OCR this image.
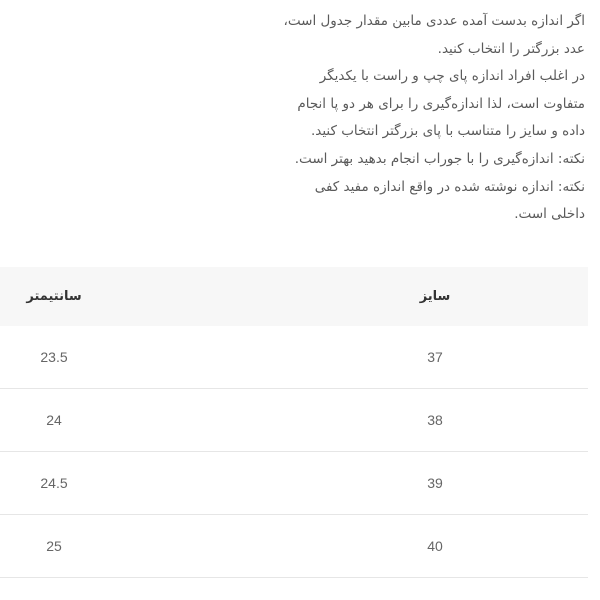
اگر اندازه بدست آمده عددی مابین مقدار جدول است،

عدد بزرگتر را انتخاب کنید.

در اغلب افراد اندازه پای چپ و راست با یکدیگر

متفاوت است، لذا اندازه‌گیری را برای هر دو پا انجام

داده و سایز را متناسب با پای بزرگتر انتخاب کنید.

نکته: اندازه‌گیری را با جوراب انجام بدهید بهتر است.

نکته: اندازه نوشته شده در واقع اندازه مفید کفی

داخلی است.

سایز
سانتیمتر
37
23.5
38
24
39
24.5
40
25
